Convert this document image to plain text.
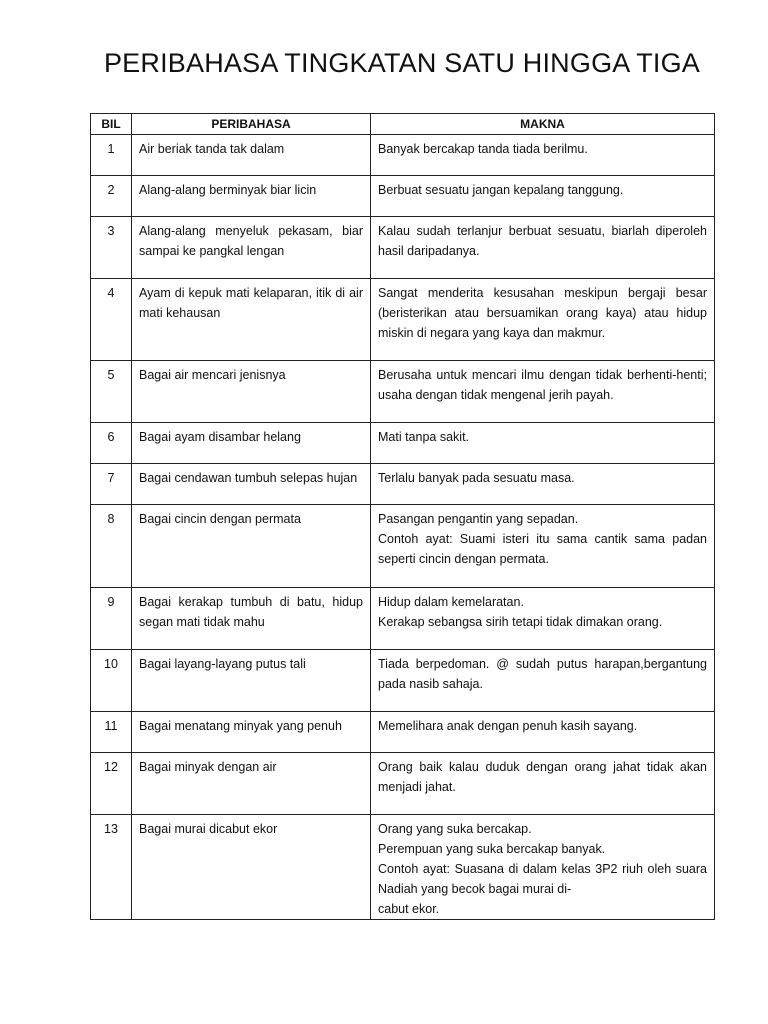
PERIBAHASA TINGKATAN SATU HINGGA TIGA
BIL	PERIBAHASA	MAKNA
1	Air beriak tanda tak dalam	Banyak bercakap tanda tiada berilmu.

2	Alang-alang berminyak biar licin	Berbuat sesuatu jangan kepalang tanggung.

3	Alang-alang menyeluk pekasam, biar sampai ke pangkal lengan	Kalau sudah terlanjur berbuat sesuatu, biarlah diperoleh hasil daripadanya.

4	Ayam di kepuk mati kelaparan, itik di air mati kehausan	Sangat menderita kesusahan meskipun bergaji besar (beristerikan atau bersuamikan orang kaya) atau hidup miskin di negara yang kaya dan makmur.

5	Bagai air mencari jenisnya	Berusaha untuk mencari ilmu dengan tidak berhenti-henti; usaha dengan tidak mengenal jerih payah.

6	Bagai ayam disambar helang	Mati tanpa sakit.

7	Bagai cendawan tumbuh selepas hujan	Terlalu banyak pada sesuatu masa.

8	Bagai cincin dengan permata	Pasangan pengantin yang sepadan.
Contoh ayat: Suami isteri itu sama cantik sama padan seperti cincin dengan permata.

9	Bagai kerakap tumbuh di batu, hidup segan mati tidak mahu	Hidup dalam kemelaratan.
Kerakap sebangsa sirih tetapi tidak dimakan orang.

10	Bagai layang-layang putus tali	Tiada berpedoman. @ sudah putus harapan,bergantung pada nasib sahaja.

11	Bagai menatang minyak yang penuh	Memelihara anak dengan penuh kasih sayang.

12	Bagai minyak dengan air	Orang baik kalau duduk dengan orang jahat tidak akan menjadi jahat.

13	Bagai murai dicabut ekor	Orang yang suka bercakap.
Perempuan yang suka bercakap banyak.
Contoh ayat: Suasana di dalam kelas 3P2 riuh oleh suara Nadiah yang becok bagai murai di-
cabut ekor.
